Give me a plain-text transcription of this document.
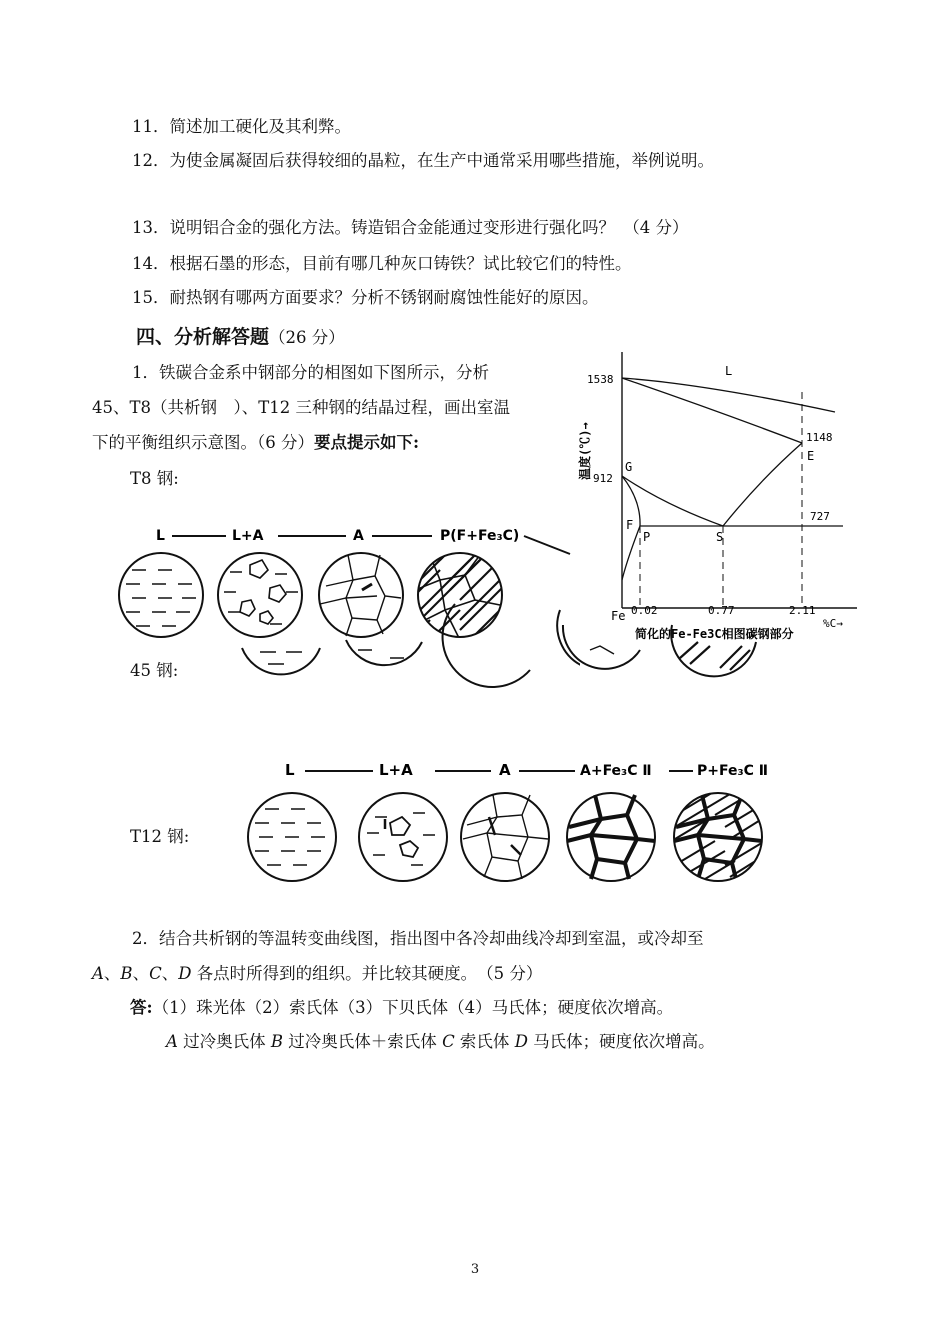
11．简述加工硬化及其利弊。
12．为使金属凝固后获得较细的晶粒，在生产中通常采用哪些措施，举例说明。
13．说明铝合金的强化方法。铸造铝合金能通过变形进行强化吗？　（4 分）
14．根据石墨的形态，目前有哪几种灰口铸铁？试比较它们的特性。
15．耐热钢有哪两方面要求？分析不锈钢耐腐蚀性能好的原因。
四、分析解答题（26 分）
1．铁碳合金系中钢部分的相图如下图所示，分析
45、T8（共析钢　）、T12 三种钢的结晶过程，画出室温
下的平衡组织示意图。（6 分）要点提示如下:
T8 钢:
45 钢:
T12 钢:
温度(℃)→
1538
912
1148
727
L
G
E
F
P	S
Fe 0.02	0.77	2.11
%C→
简化的Fe-Fe3C相图碳钢部分
L	L+A	A	P(F+Fe₃C)
L	L+A	A	A+Fe₃C Ⅱ	P+Fe₃C Ⅱ
2．结合共析钢的等温转变曲线图，指出图中各冷却曲线冷却到室温，或冷却至
A、B、C、D 各点时所得到的组织。并比较其硬度。　（5 分）
答:（1）珠光体（2）索氏体（3）下贝氏体（4）马氏体；硬度依次增高。
A 过冷奥氏体 B 过冷奥氏体＋索氏体 C 索氏体 D 马氏体；硬度依次增高。
3
